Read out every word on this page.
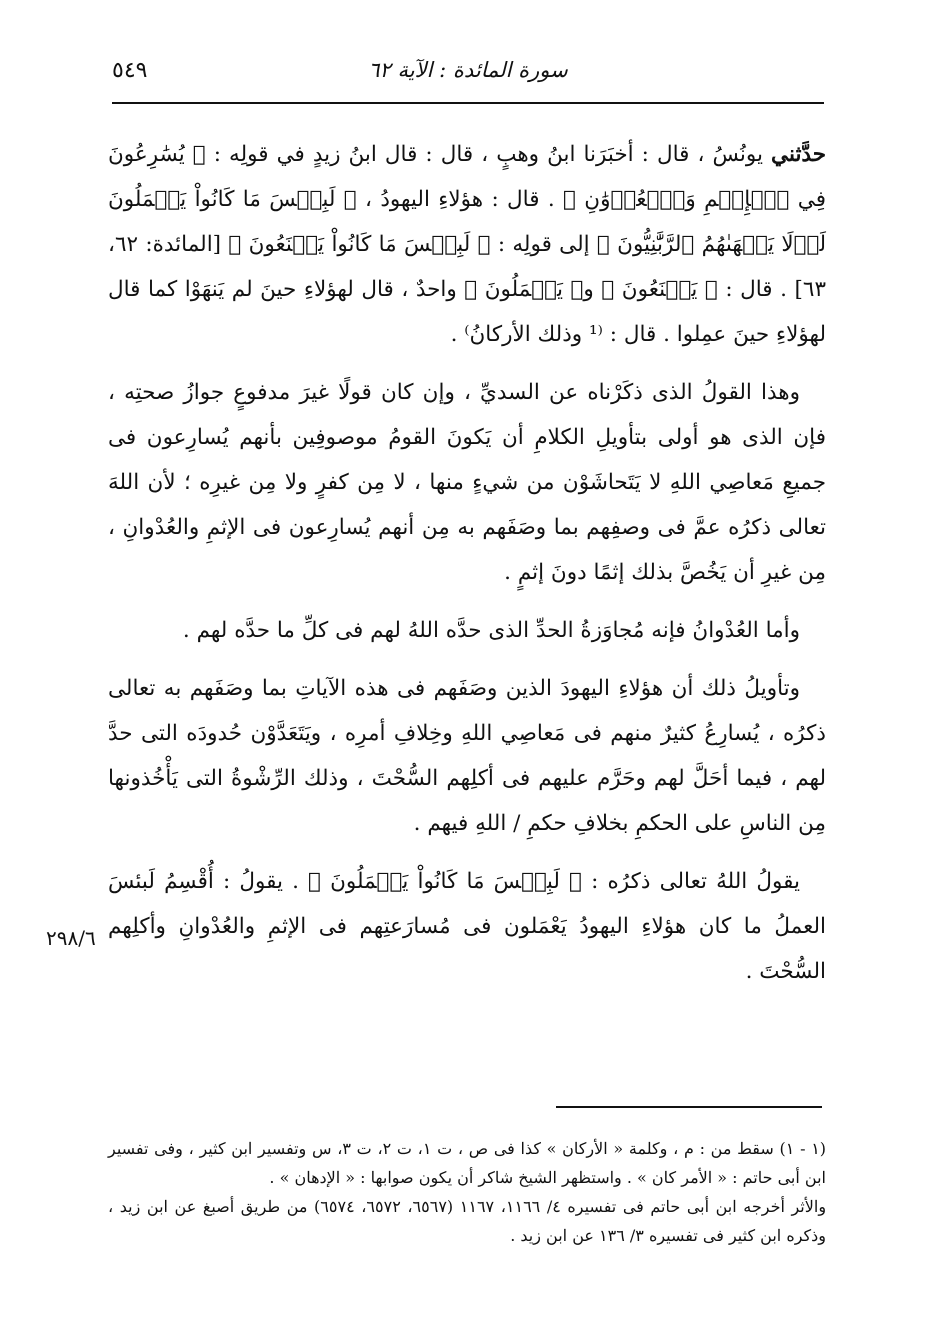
سورة المائدة : الآية ٦٢
٥٤٩

حدَّثني يونُسُ ، قال : أخبَرَنا ابنُ وهبٍ ، قال : قال ابنُ زيدٍ في قولِه : ﴿ يُسَٰرِعُونَ فِي ٱلۡإِثۡمِ وَٱلۡعُدۡوَٰنِ ﴾ . قال : هؤلاءِ اليهودُ ، ﴿ لَبِئۡسَ مَا كَانُواْ يَعۡمَلُونَ لَوۡلَا يَنۡهَىٰهُمُ ٱلرَّبَّٰنِيُّونَ ﴾ إلى قولِه : ﴿ لَبِئۡسَ مَا كَانُواْ يَصۡنَعُونَ ﴾ [المائدة: ٦٢، ٦٣] . قال : ﴿ يَصۡنَعُونَ ﴾ و﴿ يَعۡمَلُونَ ﴾ واحدٌ ، قال لهؤلاءِ حينَ لم يَنهَوْا كما قال لهؤلاءِ حينَ عمِلوا . قال : ⁽¹ وذلك الأركانُ⁾ .

وهذا القولُ الذى ذكَرْناه عن السديِّ ، وإن كان قولًا غيرَ مدفوعٍ جوازُ صحتِه ، فإن الذى هو أولى بتأويلِ الكلامِ أن يَكونَ القومُ موصوفِين بأنهم يُسارِعون فى جميعِ مَعاصِي اللهِ لا يَتَحاشَوْن من شيءٍ منها ، لا مِن كفرٍ ولا مِن غيرِه ؛ لأن اللهَ تعالى ذكرُه عمَّ فى وصفِهم بما وصَفَهم به مِن أنهم يُسارِعون فى الإثمِ والعُدْوانِ ، مِن غيرِ أن يَخُصَّ بذلك إثمًا دونَ إثمٍ .

وأما العُدْوانُ فإنه مُجاوَزةُ الحدِّ الذى حدَّه اللهُ لهم فى كلِّ ما حدَّه لهم .

وتأويلُ ذلك أن هؤلاءِ اليهودَ الذين وصَفَهم فى هذه الآياتِ بما وصَفَهم به تعالى ذكرُه ، يُسارِعُ كثيرٌ منهم فى مَعاصِي اللهِ وخِلافِ أمرِه ، ويَتَعَدَّوْن حُدودَه التى حدَّ لهم ، فيما أحَلَّ لهم وحَرَّم عليهم فى أكلِهم السُّحْتَ ، وذلك الرِّشْوةُ التى يَأْخُذونها مِن الناسِ على الحكمِ بخلافِ حكمِ / اللهِ فيهم .

يقولُ اللهُ تعالى ذكرُه : ﴿ لَبِئۡسَ مَا كَانُواْ يَعۡمَلُونَ ﴾ . يقولُ : أُقْسِمُ لَبئسَ العملُ ما كان هؤلاءِ اليهودُ يَعْمَلون فى مُسارَعتِهم فى الإثمِ والعُدْوانِ وأكلِهم السُّحْتَ .

٢٩٨/٦

(١ - ١) سقط من : م ، وكلمة « الأركان » كذا فى ص ، ت ١، ت ٢، ت ٣، س وتفسير ابن كثير ، وفى تفسير ابن أبى حاتم : « الأمر كان » . واستظهر الشيخ شاكر أن يكون صوابها : « الإدهان » .

والأثر أخرجه ابن أبى حاتم فى تفسيره ٤/ ١١٦٦، ١١٦٧ (٦٥٦٧، ٦٥٧٢، ٦٥٧٤) من طريق أصبغ عن ابن زيد ، وذكره ابن كثير فى تفسيره ٣/ ١٣٦ عن ابن زيد .
